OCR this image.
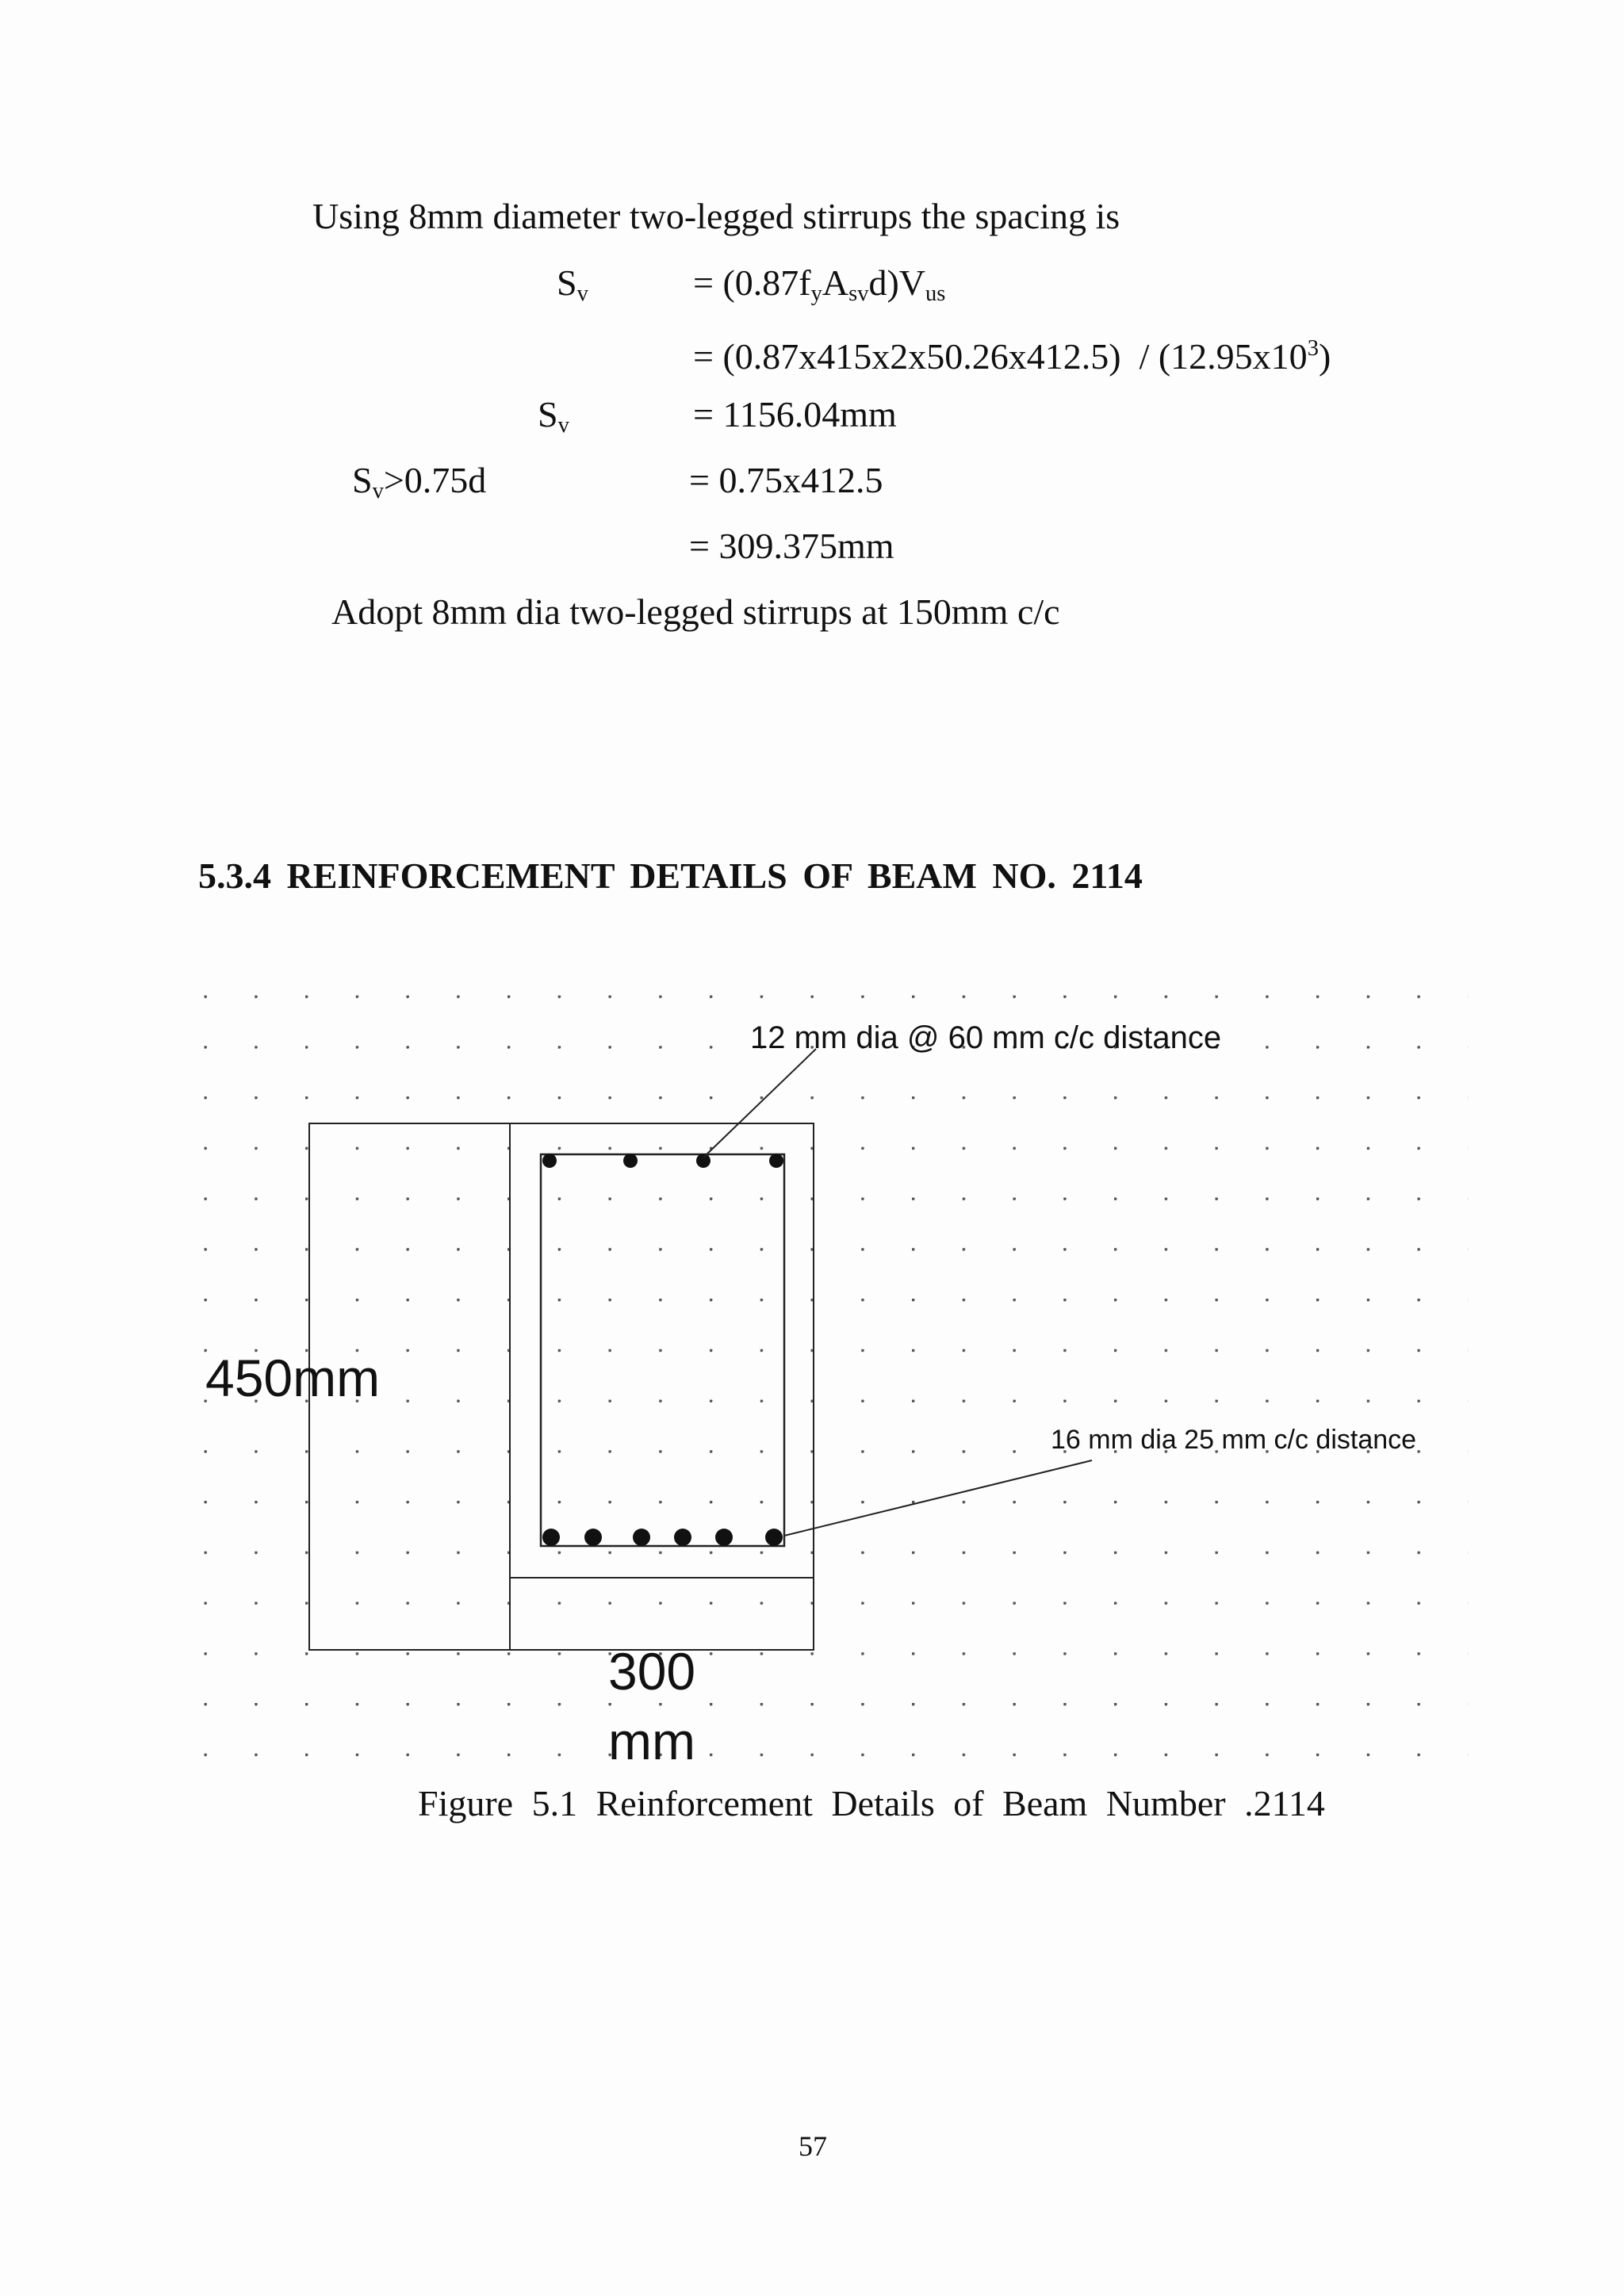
Using 8mm diameter two-legged stirrups the spacing is
$S_v$	= $(0.87f_yA_{sv}d)V_{us}$
= $(0.87x415x2x50.26x412.5) / (12.95x10^3)$
$S_v$	= 1156.04mm
$S_v>0.75d$	= 0.75x412.5
= 309.375mm
Adopt 8mm dia two-legged stirrups at 150mm c/c
5.3.4 REINFORCEMENT DETAILS OF BEAM NO. 2114
12 mm dia @ 60 mm c/c distance
16 mm dia 25 mm c/c distance
450mm
300
mm
Figure 5.1 Reinforcement Details of Beam Number .2114
57
